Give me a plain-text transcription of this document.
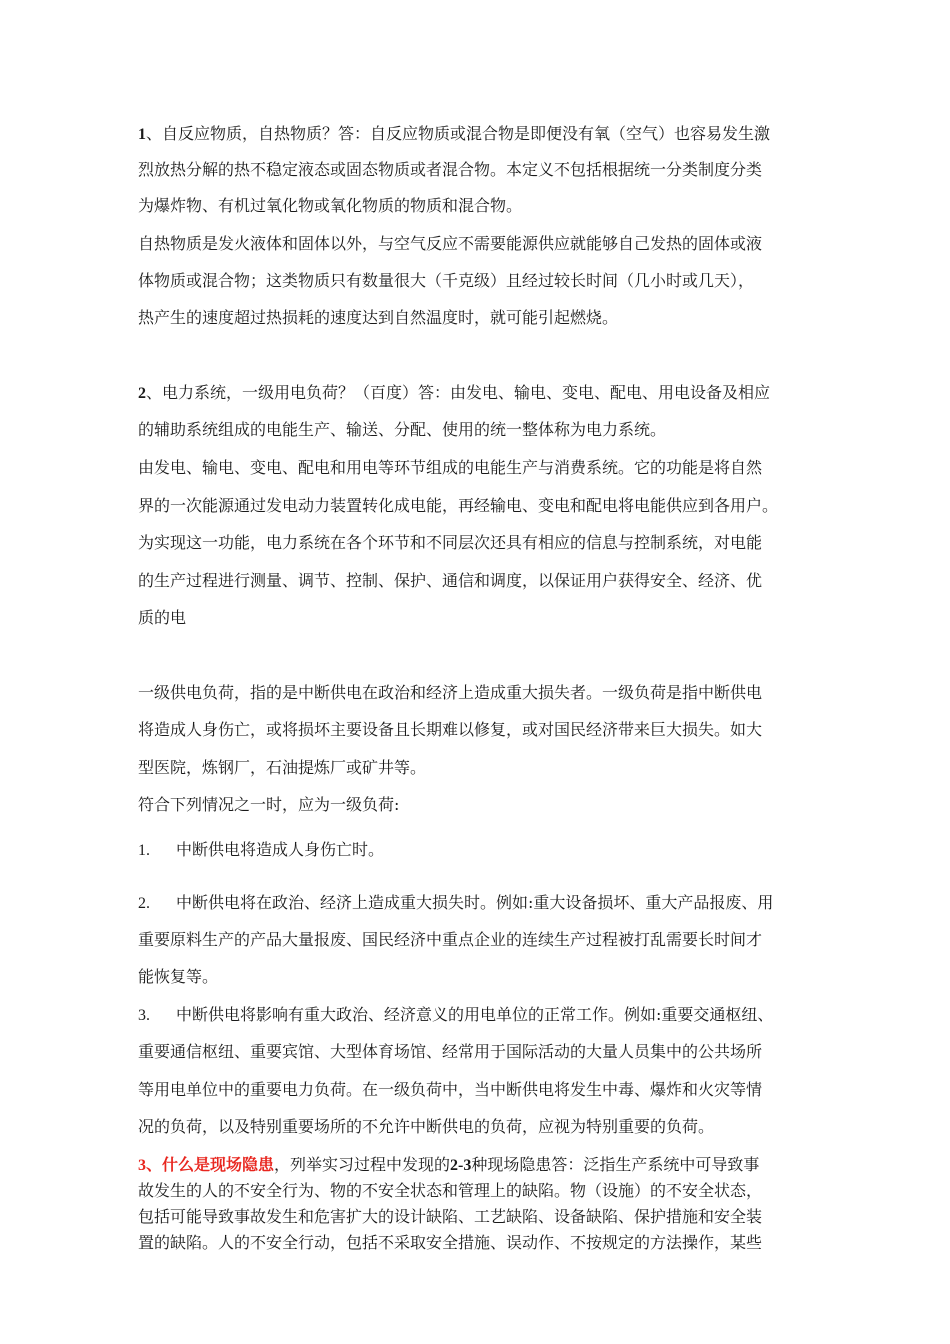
1、自反应物质，自热物质？答：自反应物质或混合物是即便没有氧（空气）也容易发生激
烈放热分解的热不稳定液态或固态物质或者混合物。本定义不包括根据统一分类制度分类
为爆炸物、有机过氧化物或氧化物质的物质和混合物。
自热物质是发火液体和固体以外，与空气反应不需要能源供应就能够自己发热的固体或液
体物质或混合物；这类物质只有数量很大（千克级）且经过较长时间（几小时或几天），
热产生的速度超过热损耗的速度达到自然温度时，就可能引起燃烧。
2、电力系统，一级用电负荷？（百度）答：由发电、输电、变电、配电、用电设备及相应
的辅助系统组成的电能生产、输送、分配、使用的统一整体称为电力系统。
由发电、输电、变电、配电和用电等环节组成的电能生产与消费系统。它的功能是将自然
界的一次能源通过发电动力装置转化成电能，再经输电、变电和配电将电能供应到各用户。
为实现这一功能，电力系统在各个环节和不同层次还具有相应的信息与控制系统，对电能
的生产过程进行测量、调节、控制、保护、通信和调度，以保证用户获得安全、经济、优
质的电
一级供电负荷，指的是中断供电在政治和经济上造成重大损失者。一级负荷是指中断供电
将造成人身伤亡，或将损坏主要设备且长期难以修复，或对国民经济带来巨大损失。如大
型医院，炼钢厂，石油提炼厂或矿井等。
符合下列情况之一时，应为一级负荷:
1. 中断供电将造成人身伤亡时。
2. 中断供电将在政治、经济上造成重大损失时。例如:重大设备损坏、重大产品报废、用
重要原料生产的产品大量报废、国民经济中重点企业的连续生产过程被打乱需要长时间才
能恢复等。
3. 中断供电将影响有重大政治、经济意义的用电单位的正常工作。例如:重要交通枢纽、
重要通信枢纽、重要宾馆、大型体育场馆、经常用于国际活动的大量人员集中的公共场所
等用电单位中的重要电力负荷。在一级负荷中，当中断供电将发生中毒、爆炸和火灾等情
况的负荷，以及特别重要场所的不允许中断供电的负荷，应视为特别重要的负荷。
3、什么是现场隐患，列举实习过程中发现的2-3种现场隐患答：泛指生产系统中可导致事
故发生的人的不安全行为、物的不安全状态和管理上的缺陷。物（设施）的不安全状态，
包括可能导致事故发生和危害扩大的设计缺陷、工艺缺陷、设备缺陷、保护措施和安全装
置的缺陷。人的不安全行动，包括不采取安全措施、误动作、不按规定的方法操作，某些
